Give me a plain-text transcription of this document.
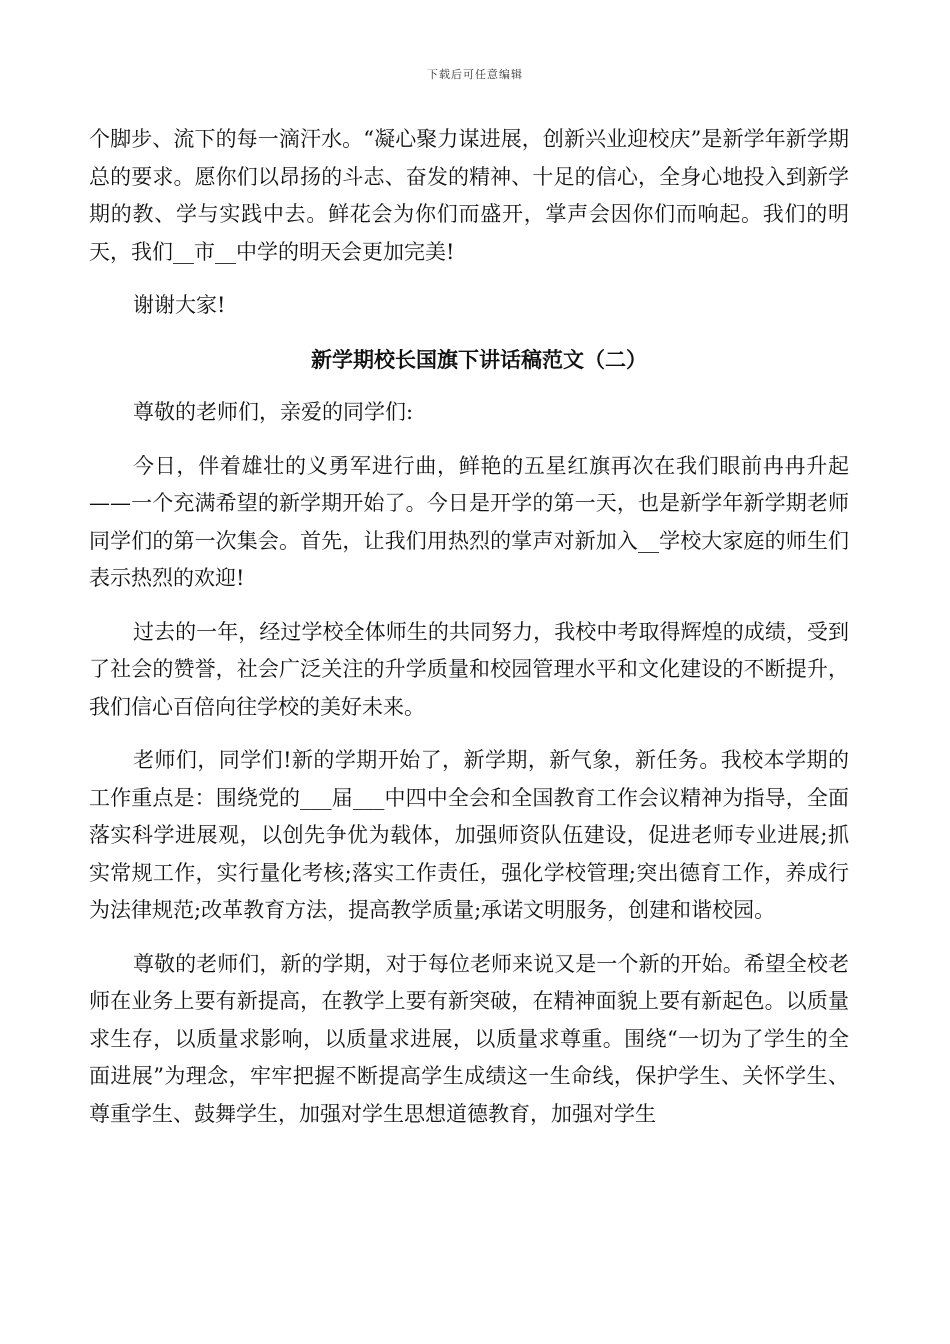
下载后可任意编辑

个脚步、流下的每一滴汗水。“凝心聚力谋进展，创新兴业迎校庆”是新学年新学期总的要求。愿你们以昂扬的斗志、奋发的精神、十足的信心，全身心地投入到新学期的教、学与实践中去。鲜花会为你们而盛开，掌声会因你们而响起。我们的明天，我们__市__中学的明天会更加完美!

谢谢大家!

新学期校长国旗下讲话稿范文（二）

尊敬的老师们，亲爱的同学们:

今日，伴着雄壮的义勇军进行曲，鲜艳的五星红旗再次在我们眼前冉冉升起——一个充满希望的新学期开始了。今日是开学的第一天，也是新学年新学期老师同学们的第一次集会。首先，让我们用热烈的掌声对新加入__学校大家庭的师生们表示热烈的欢迎!

过去的一年，经过学校全体师生的共同努力，我校中考取得辉煌的成绩，受到了社会的赞誉，社会广泛关注的升学质量和校园管理水平和文化建设的不断提升，我们信心百倍向往学校的美好未来。

老师们，同学们!新的学期开始了，新学期，新气象，新任务。我校本学期的工作重点是：围绕党的___届___中四中全会和全国教育工作会议精神为指导，全面落实科学进展观，以创先争优为载体，加强师资队伍建设，促进老师专业进展;抓实常规工作，实行量化考核;落实工作责任，强化学校管理;突出德育工作，养成行为法律规范;改革教育方法，提高教学质量;承诺文明服务，创建和谐校园。

尊敬的老师们，新的学期，对于每位老师来说又是一个新的开始。希望全校老师在业务上要有新提高，在教学上要有新突破，在精神面貌上要有新起色。以质量求生存，以质量求影响，以质量求进展，以质量求尊重。围绕“一切为了学生的全面进展”为理念，牢牢把握不断提高学生成绩这一生命线，保护学生、关怀学生、尊重学生、鼓舞学生，加强对学生思想道德教育，加强对学生
